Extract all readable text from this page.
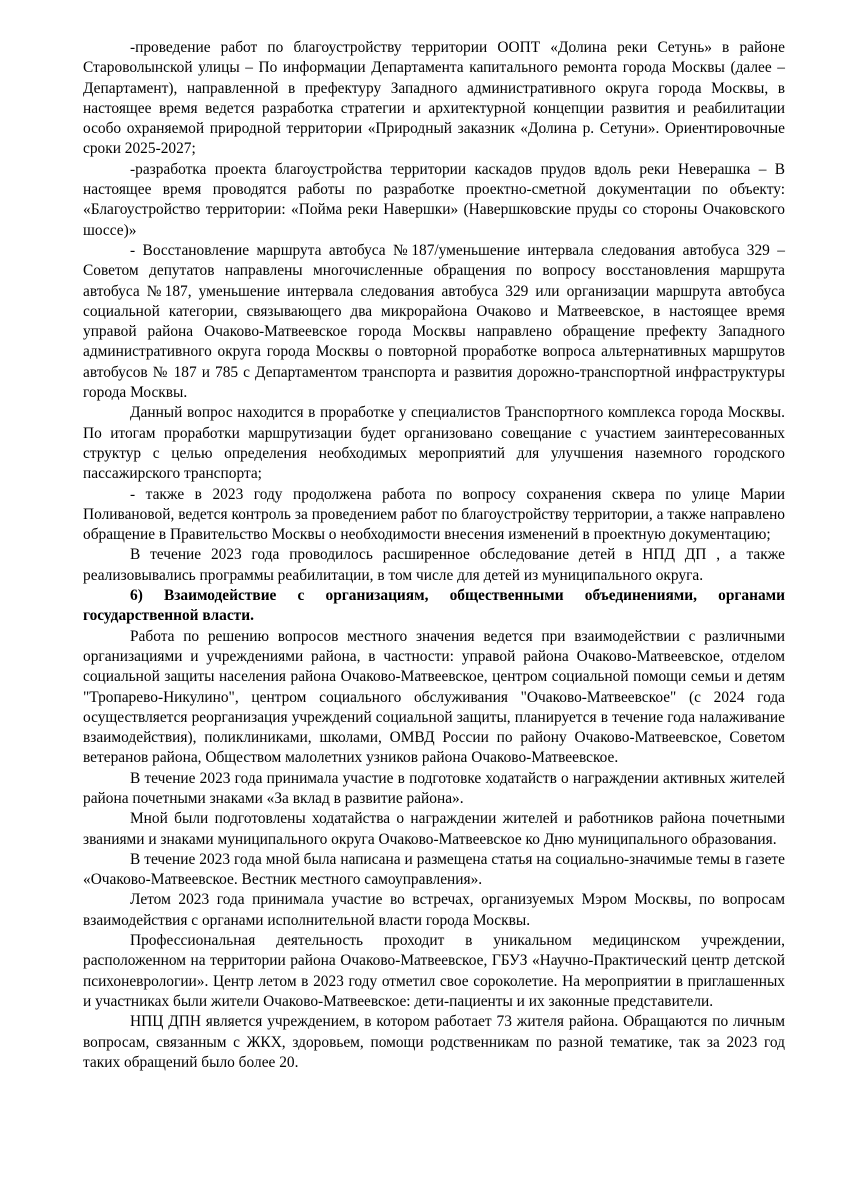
-проведение работ по благоустройству территории ООПТ «Долина реки Сетунь» в районе Староволынской улицы – По информации Департамента капитального ремонта города Москвы (далее – Департамент), направленной в префектуру Западного административного округа города Москвы, в настоящее время ведется разработка стратегии и архитектурной концепции развития и реабилитации особо охраняемой природной территории «Природный заказник «Долина р. Сетуни». Ориентировочные сроки 2025-2027;

-разработка проекта благоустройства территории каскадов прудов вдоль реки Неверашка – В настоящее время проводятся работы по разработке проектно-сметной документации по объекту: «Благоустройство территории: «Пойма реки Навершки» (Навершковские пруды со стороны Очаковского шоссе)»

- Восстановление маршрута автобуса №187/уменьшение интервала следования автобуса 329 – Советом депутатов направлены многочисленные обращения по вопросу восстановления маршрута автобуса №187, уменьшение интервала следования автобуса 329 или организации маршрута автобуса социальной категории, связывающего два микрорайона Очаково и Матвеевское, в настоящее время управой района Очаково-Матвеевское города Москвы направлено обращение префекту Западного административного округа города Москвы о повторной проработке вопроса альтернативных маршрутов автобусов № 187 и 785 с Департаментом транспорта и развития дорожно-транспортной инфраструктуры города Москвы.

Данный вопрос находится в проработке у специалистов Транспортного комплекса города Москвы. По итогам проработки маршрутизации будет организовано совещание с участием заинтересованных структур с целью определения необходимых мероприятий для улучшения наземного городского пассажирского транспорта;

- также в 2023 году продолжена работа по вопросу сохранения сквера по улице Марии Поливановой, ведется контроль за проведением работ по благоустройству территории, а также направлено обращение в Правительство Москвы о необходимости внесения изменений в проектную документацию;

В течение 2023 года проводилось расширенное обследование детей в НПД ДП , а также реализовывались программы реабилитации, в том числе для детей из муниципального округа.

6) Взаимодействие с организациям, общественными объединениями, органами государственной власти.

Работа по решению вопросов местного значения ведется при взаимодействии с различными организациями и учреждениями района, в частности: управой района Очаково-Матвеевское, отделом социальной защиты населения района Очаково-Матвеевское, центром социальной помощи семьи и детям "Тропарево-Никулино", центром социального обслуживания "Очаково-Матвеевское" (с 2024 года осуществляется реорганизация учреждений социальной защиты, планируется в течение года налаживание взаимодействия), поликлиниками, школами, ОМВД России по району Очаково-Матвеевское, Советом ветеранов района, Обществом малолетних узников района Очаково-Матвеевское.

В течение 2023 года принимала участие в подготовке ходатайств о награждении активных жителей района почетными знаками «За вклад в развитие района».

Мной были подготовлены ходатайства о награждении жителей и работников района почетными званиями и знаками муниципального округа Очаково-Матвеевское ко Дню муниципального образования.

В течение 2023 года мной была написана и размещена статья на социально-значимые темы в газете «Очаково-Матвеевское. Вестник местного самоуправления».

Летом 2023 года принимала участие во встречах, организуемых Мэром Москвы, по вопросам взаимодействия с органами исполнительной власти города Москвы.

Профессиональная деятельность проходит в уникальном медицинском учреждении, расположенном на территории района Очаково-Матвеевское, ГБУЗ «Научно-Практический центр детской психоневрологии». Центр летом в 2023 году отметил свое сороколетие. На мероприятии в приглашенных и участниках были жители Очаково-Матвеевское: дети-пациенты и их законные представители.

НПЦ ДПН является учреждением, в котором работает 73 жителя района. Обращаются по личным вопросам, связанным с ЖКХ, здоровьем, помощи родственникам по разной тематике, так за 2023 год таких обращений было более 20.
